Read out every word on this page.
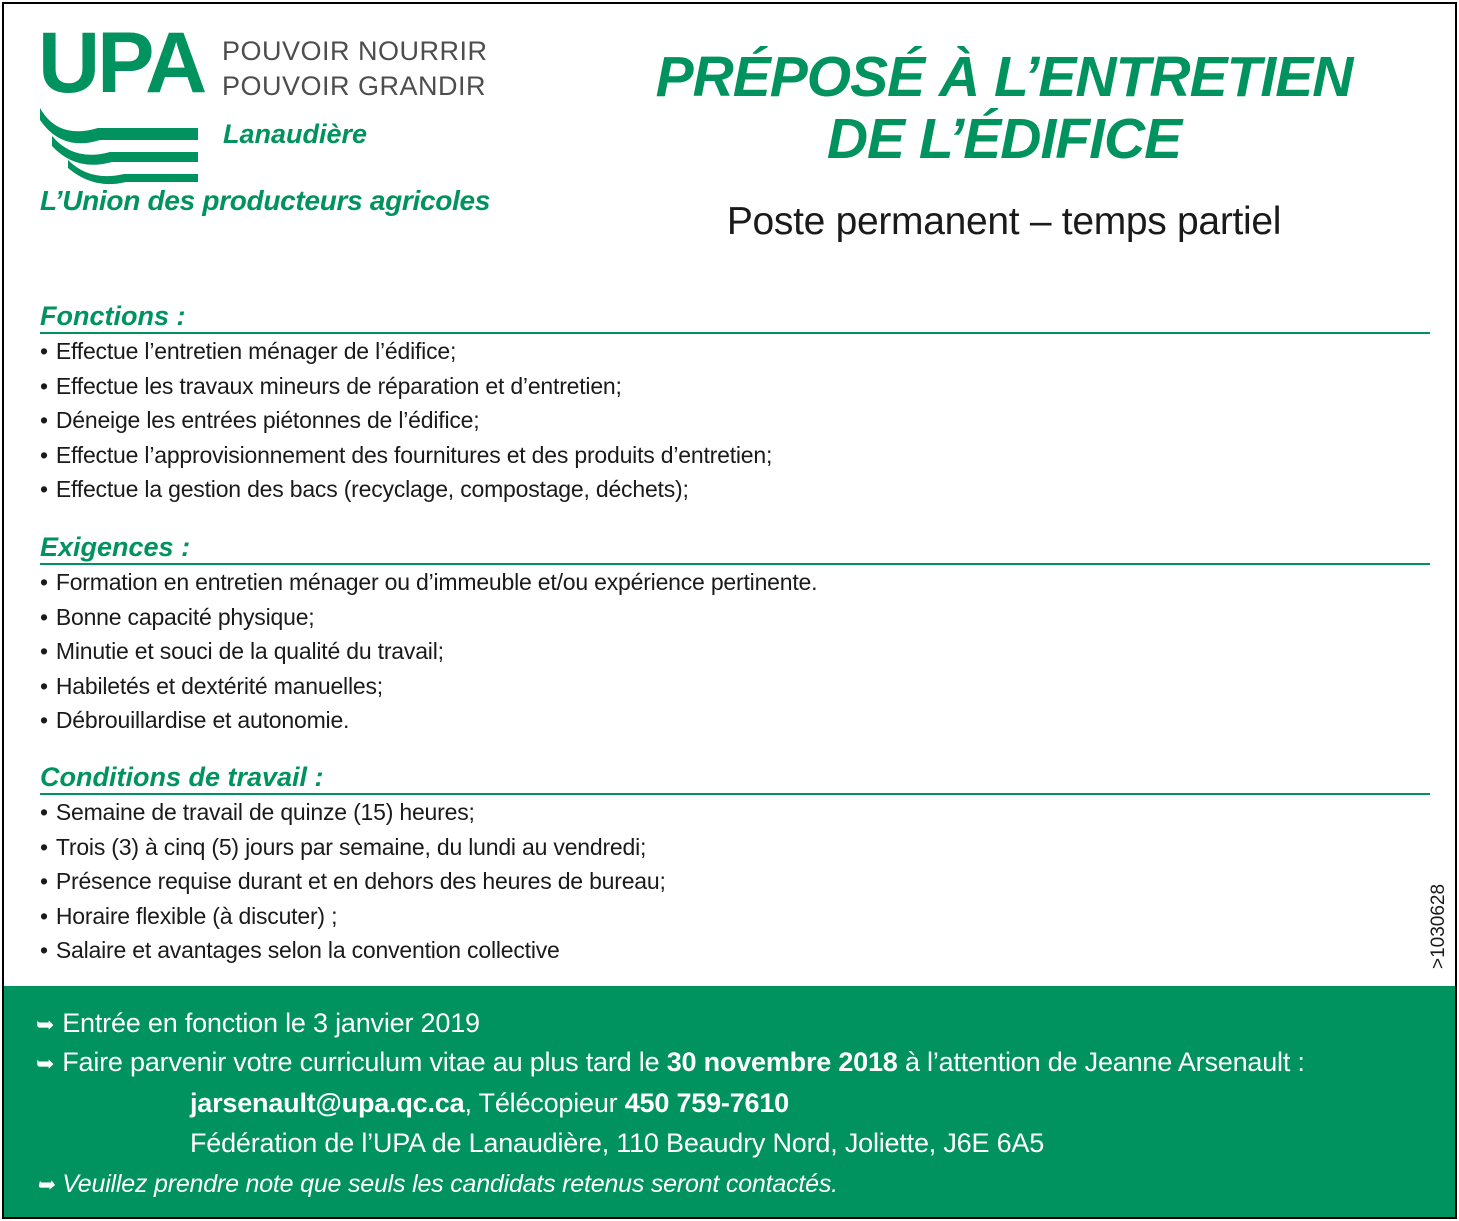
UPA POUVOIR NOURRIR
POUVOIR GRANDIR
Lanaudière
L’Union des producteurs agricoles
PRÉPOSÉ À L’ENTRETIEN
DE L’ÉDIFICE
Poste permanent – temps partiel
Fonctions :
• Effectue l’entretien ménager de l’édifice;
• Effectue les travaux mineurs de réparation et d’entretien;
• Déneige les entrées piétonnes de l’édifice;
• Effectue l’approvisionnement des fournitures et des produits d’entretien;
• Effectue la gestion des bacs (recyclage, compostage, déchets);
Exigences :
• Formation en entretien ménager ou d’immeuble et/ou expérience pertinente.
• Bonne capacité physique;
• Minutie et souci de la qualité du travail;
• Habiletés et dextérité manuelles;
• Débrouillardise et autonomie.
Conditions de travail :
• Semaine de travail de quinze (15) heures;
• Trois (3) à cinq (5) jours par semaine, du lundi au vendredi;
• Présence requise durant et en dehors des heures de bureau;
• Horaire flexible (à discuter) ;
• Salaire et avantages selon la convention collective	>1030628
➥ Entrée en fonction le 3 janvier 2019
➥ Faire parvenir votre curriculum vitae au plus tard le 30 novembre 2018 à l’attention de Jeanne Arsenault :
jarsenault@upa.qc.ca, Télécopieur 450 759-7610
Fédération de l’UPA de Lanaudière, 110 Beaudry Nord, Joliette, J6E 6A5
➥ Veuillez prendre note que seuls les candidats retenus seront contactés.
